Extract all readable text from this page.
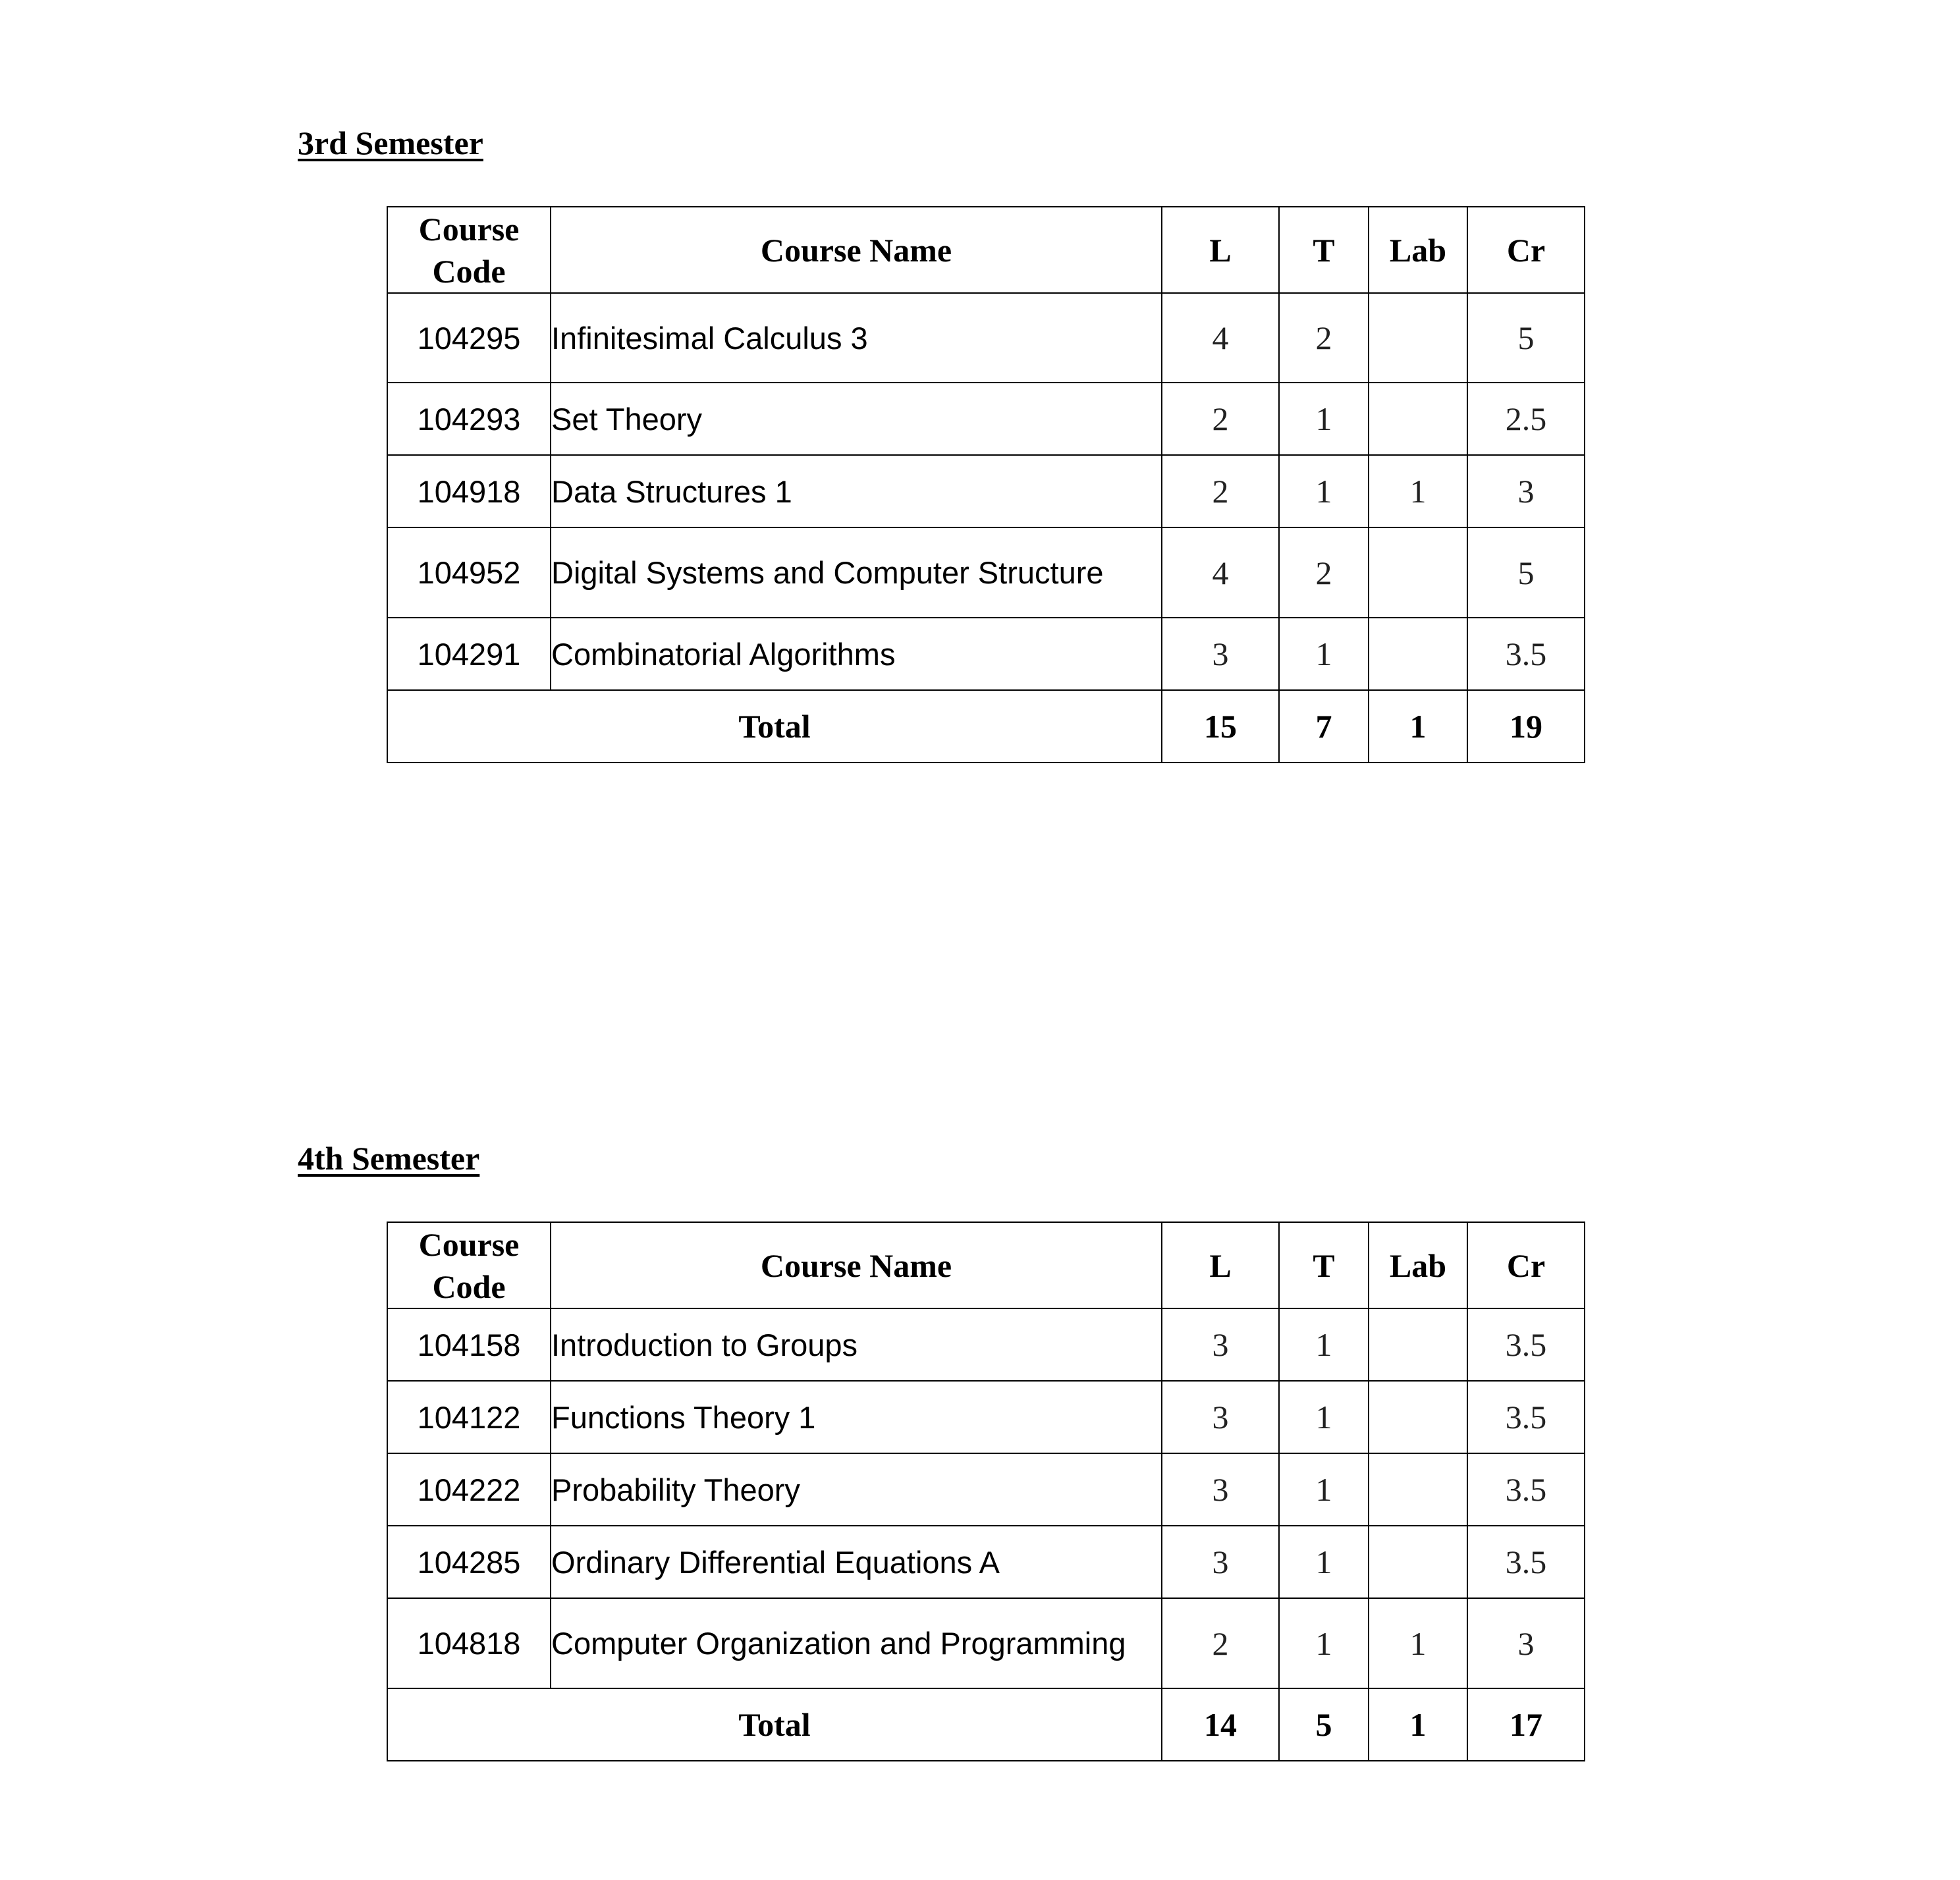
3rd Semester
Course Code	Course Name	L	T	Lab	Cr
104295	Infinitesimal Calculus 3	4	2		5
104293	Set Theory	2	1		2.5
104918	Data Structures 1	2	1	1	3
104952	Digital Systems and Computer Structure	4	2		5
104291	Combinatorial Algorithms	3	1		3.5
Total		15	7	1	19
4th Semester
Course Code	Course Name	L	T	Lab	Cr
104158	Introduction to Groups	3	1		3.5
104122	Functions Theory 1	3	1		3.5
104222	Probability Theory	3	1		3.5
104285	Ordinary Differential Equations A	3	1		3.5
104818	Computer Organization and Programming	2	1	1	3
Total		14	5	1	17
